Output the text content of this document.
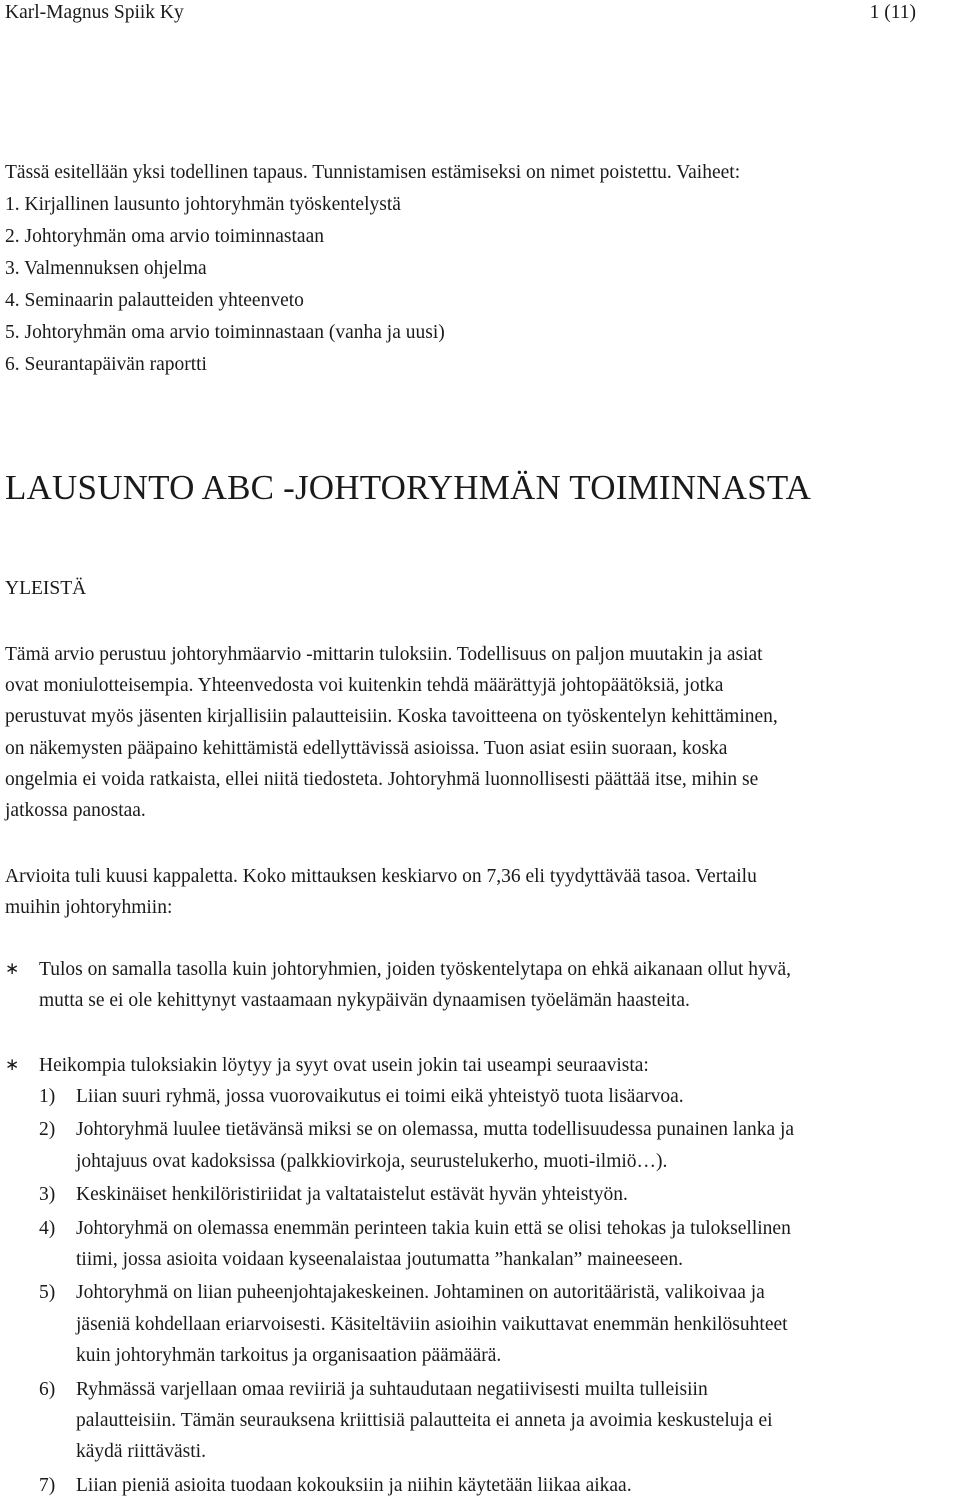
Karl-Magnus Spiik Ky	1 (11)
Tässä esitellään yksi todellinen tapaus. Tunnistamisen estämiseksi on nimet poistettu. Vaiheet:
1. Kirjallinen lausunto johtoryhmän työskentelystä
2. Johtoryhmän oma arvio toiminnastaan
3. Valmennuksen ohjelma
4. Seminaarin palautteiden yhteenveto
5. Johtoryhmän oma arvio toiminnastaan (vanha ja uusi)
6. Seurantapäivän raportti
LAUSUNTO ABC -JOHTORYHMÄN TOIMINNASTA
YLEISTÄ
Tämä arvio perustuu johtoryhmäarvio -mittarin tuloksiin. Todellisuus on paljon muutakin ja asiat
ovat moniulotteisempia. Yhteenvedosta voi kuitenkin tehdä määrättyjä johtopäätöksiä, jotka
perustuvat myös jäsenten kirjallisiin palautteisiin. Koska tavoitteena on työskentelyn kehittäminen,
on näkemysten pääpaino kehittämistä edellyttävissä asioissa. Tuon asiat esiin suoraan, koska
ongelmia ei voida ratkaista, ellei niitä tiedosteta. Johtoryhmä luonnollisesti päättää itse, mihin se
jatkossa panostaa.
Arvioita tuli kuusi kappaletta. Koko mittauksen keskiarvo on 7,36 eli tyydyttävää tasoa. Vertailu
muihin johtoryhmiin:
∗ Tulos on samalla tasolla kuin johtoryhmien, joiden työskentelytapa on ehkä aikanaan ollut hyvä,
mutta se ei ole kehittynyt vastaamaan nykypäivän dynaamisen työelämän haasteita.
∗ Heikompia tuloksiakin löytyy ja syyt ovat usein jokin tai useampi seuraavista:
1) Liian suuri ryhmä, jossa vuorovaikutus ei toimi eikä yhteistyö tuota lisäarvoa.
2) Johtoryhmä luulee tietävänsä miksi se on olemassa, mutta todellisuudessa punainen lanka ja
johtajuus ovat kadoksissa (palkkiovirkoja, seurustelukerho, muoti-ilmiö…).
3) Keskinäiset henkilöristiriidat ja valtataistelut estävät hyvän yhteistyön.
4) Johtoryhmä on olemassa enemmän perinteen takia kuin että se olisi tehokas ja tuloksellinen
tiimi, jossa asioita voidaan kyseenalaistaa joutumatta ”hankalan” maineeseen.
5) Johtoryhmä on liian puheenjohtajakeskeinen. Johtaminen on autoritääristä, valikoivaa ja
jäseniä kohdellaan eriarvoisesti. Käsiteltäviin asioihin vaikuttavat enemmän henkilösuhteet
kuin johtoryhmän tarkoitus ja organisaation päämäärä.
6) Ryhmässä varjellaan omaa reviiriä ja suhtaudutaan negatiivisesti muilta tulleisiin
palautteisiin. Tämän seurauksena kriittisiä palautteita ei anneta ja avoimia keskusteluja ei
käydä riittävästi.
7) Liian pieniä asioita tuodaan kokouksiin ja niihin käytetään liikaa aikaa.
